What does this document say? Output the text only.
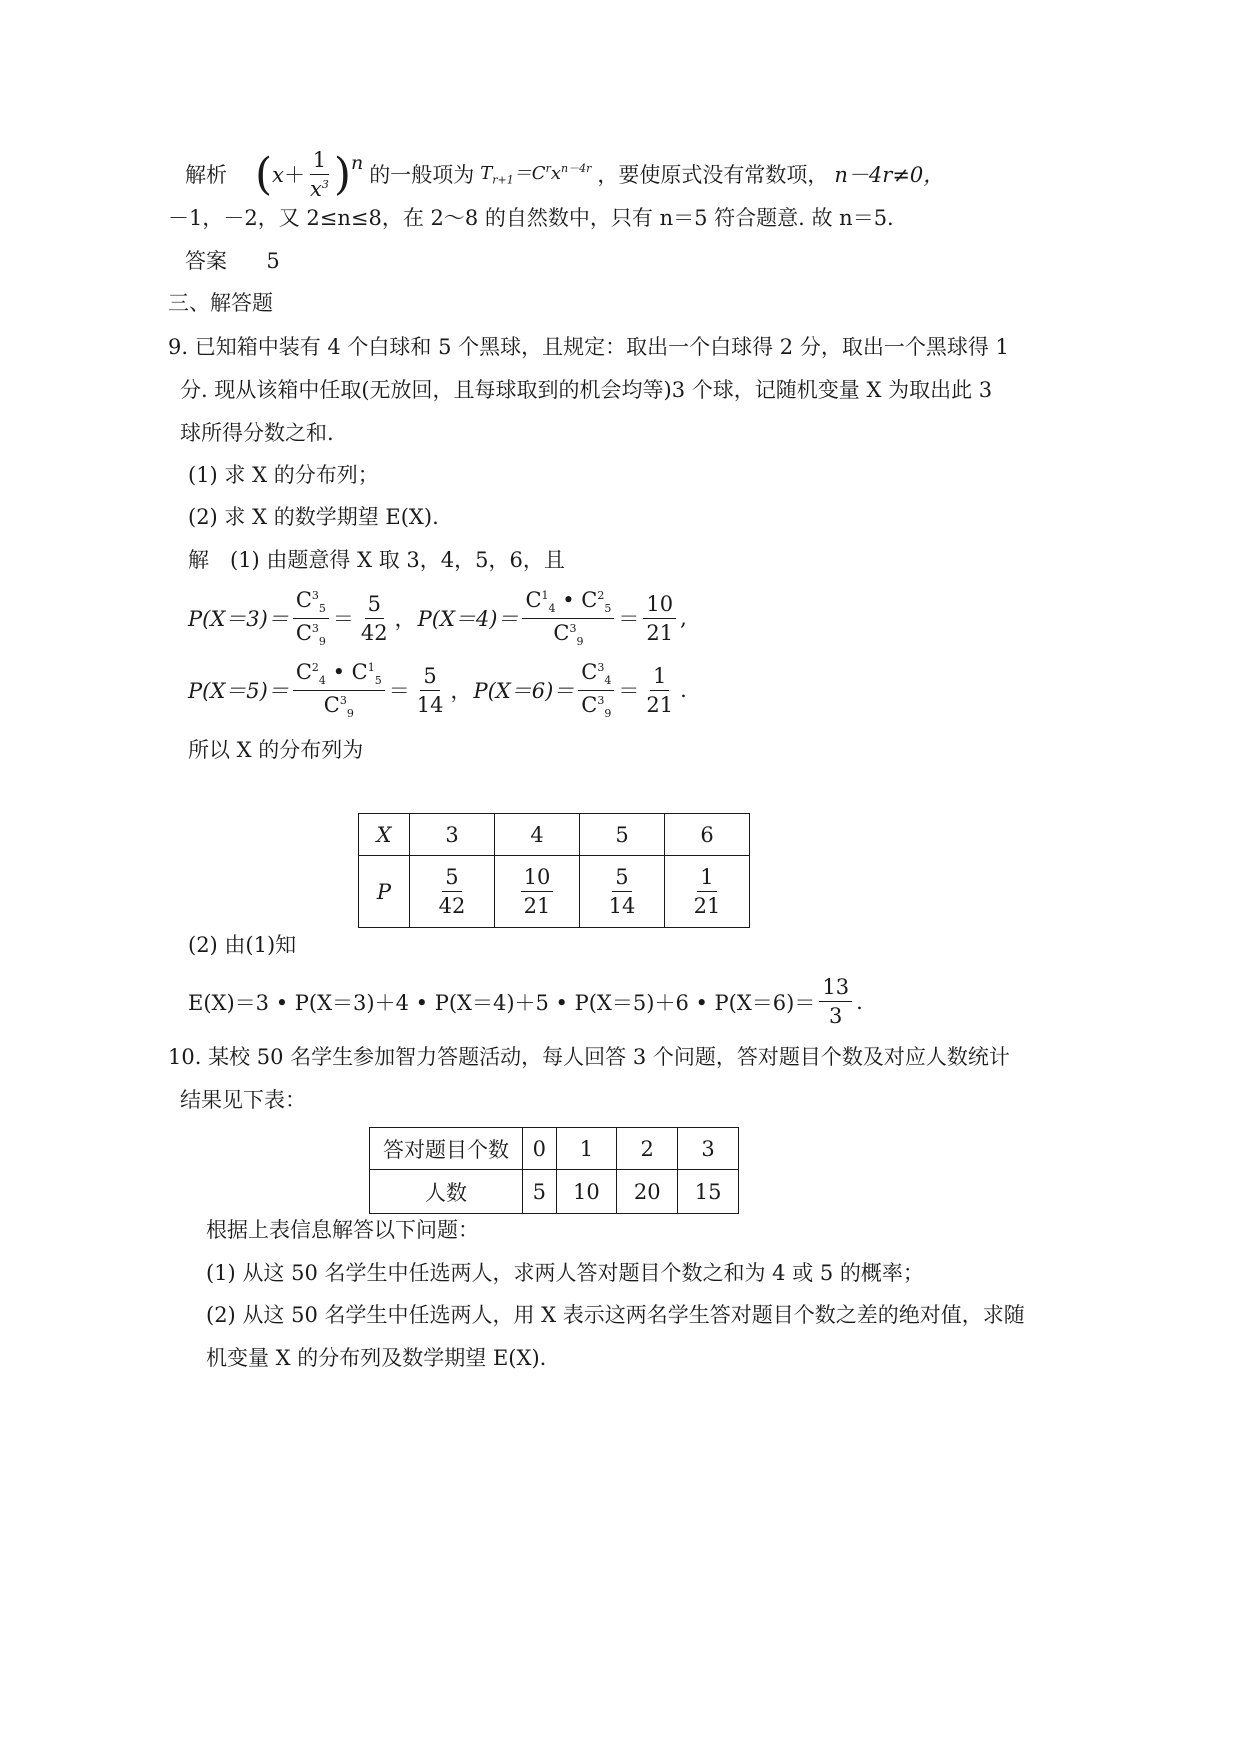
解析 ( $x + \frac{1}{x^3}$ ) n 的一般项为 $T_{r+1}=C^rx^{n-4r}$ ，要使原式没有常数项， n－4r≠0，
－1，－2，又 2≤n≤8，在 2～8 的自然数中，只有 n＝5 符合题意. 故 n＝5.
答案 5
三、解答题
9. 已知箱中装有 4 个白球和 5 个黑球，且规定：取出一个白球得 2 分，取出一个黑球得 1
分. 现从该箱中任取(无放回，且每球取到的机会均等)3 个球，记随机变量 X 为取出此 3
球所得分数之和.
(1) 求 X 的分布列；
(2) 求 X 的数学期望 E(X).
解　(1) 由题意得 X 取 3，4，5，6，且
$P(X=3)= \frac{C^3_5}{C^3_9} = \frac{5}{42}$ ， $P(X=4)= \frac{C^1_4 • C^2_5}{C^3_9} = \frac{10}{21}$ ,
$P(X=5)= \frac{C^2_4 • C^1_5}{C^3_9} = \frac{5}{14}$ ， $P(X=6)= \frac{C^3_4}{C^3_9} = \frac{1}{21}$ .
所以 X 的分布列为
X	3	4	5	6
P	$\frac{5}{42}$	$\frac{10}{21}$	$\frac{5}{14}$	$\frac{1}{21}$
(2) 由(1)知
E(X)＝3 • P(X＝3)＋4 • P(X＝4)＋5 • P(X＝5)＋6 • $P(X=6)= \frac{13}{3}$ .
10. 某校 50 名学生参加智力答题活动，每人回答 3 个问题，答对题目个数及对应人数统计
结果见下表：
答对题目个数	0	1	2	3
人数	5	10	20	15
根据上表信息解答以下问题：
(1) 从这 50 名学生中任选两人，求两人答对题目个数之和为 4 或 5 的概率；
(2) 从这 50 名学生中任选两人，用 X 表示这两名学生答对题目个数之差的绝对值，求随
机变量 X 的分布列及数学期望 E(X).
